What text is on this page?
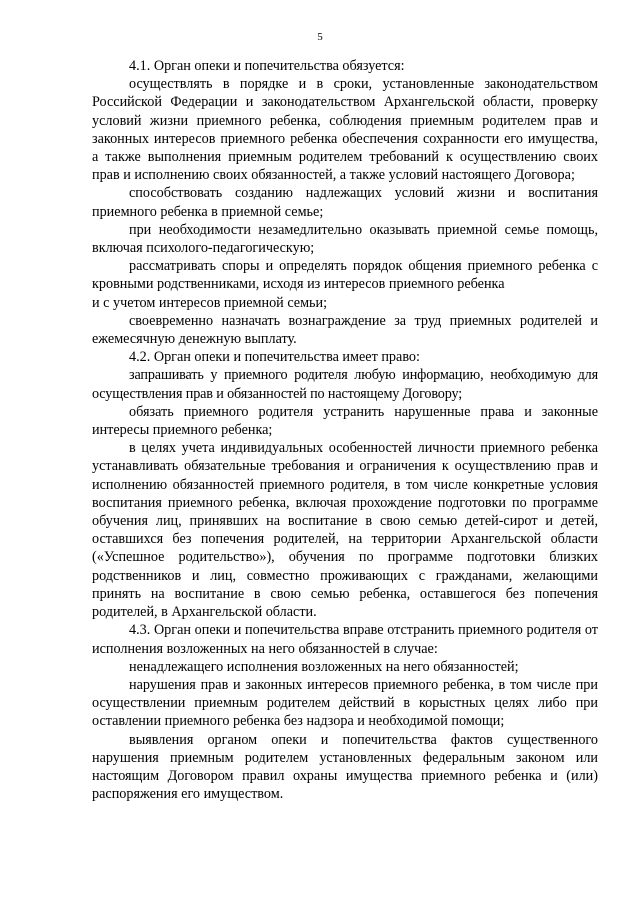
5

4.1. Орган опеки и попечительства обязуется:

осуществлять в порядке и в сроки, установленные законодательством Российской Федерации и законодательством Архангельской области, проверку условий жизни приемного ребенка, соблюдения приемным родителем прав и законных интересов приемного ребенка обеспечения сохранности его имущества, а также выполнения приемным родителем требований к осуществлению своих прав и исполнению своих обязанностей, а также условий настоящего Договора;

способствовать созданию надлежащих условий жизни и воспитания приемного ребенка в приемной семье;

при необходимости незамедлительно оказывать приемной семье помощь, включая психолого-педагогическую;

рассматривать споры и определять порядок общения приемного ребенка с кровными родственниками, исходя из интересов приемного ребенка

и с учетом интересов приемной семьи;

своевременно назначать вознаграждение за труд приемных родителей и ежемесячную денежную выплату.

4.2. Орган опеки и попечительства имеет право:

запрашивать у приемного родителя любую информацию, необходимую для осуществления прав и обязанностей по настоящему Договору;

обязать приемного родителя устранить нарушенные права и законные интересы приемного ребенка;

в целях учета индивидуальных особенностей личности приемного ребенка устанавливать обязательные требования и ограничения к осуществлению прав и исполнению обязанностей приемного родителя, в том числе конкретные условия воспитания приемного ребенка, включая прохождение подготовки по программе обучения лиц, принявших на воспитание в свою семью детей-сирот и детей, оставшихся без попечения родителей, на территории Архангельской области («Успешное родительство»), обучения по программе подготовки близких родственников и лиц, совместно проживающих с гражданами, желающими принять на воспитание в свою семью ребенка, оставшегося без попечения родителей, в Архангельской области.

4.3. Орган опеки и попечительства вправе отстранить приемного родителя от исполнения возложенных на него обязанностей в случае:

ненадлежащего исполнения возложенных на него обязанностей;

нарушения прав и законных интересов приемного ребенка, в том числе при осуществлении приемным родителем действий в корыстных целях либо при оставлении приемного ребенка без надзора и необходимой помощи;

выявления органом опеки и попечительства фактов существенного нарушения приемным родителем установленных федеральным законом или настоящим Договором правил охраны имущества приемного ребенка и (или) распоряжения его имуществом.
